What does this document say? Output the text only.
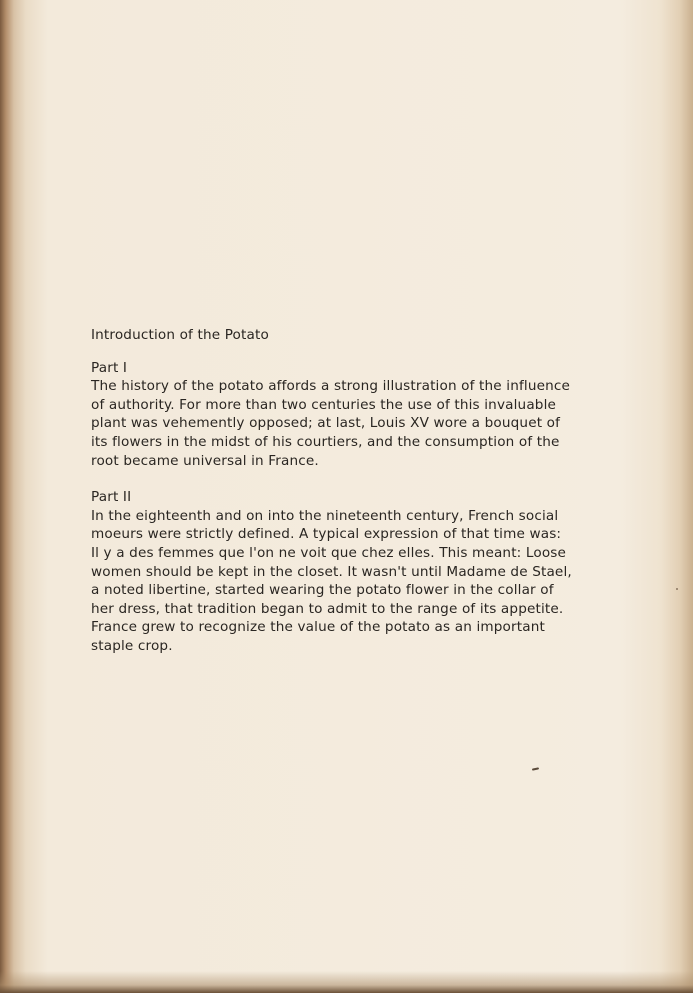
Introduction of the Potato

Part I

The history of the potato affords a strong illustration of the influence
of authority. For more than two centuries the use of this invaluable
plant was vehemently opposed; at last, Louis XV wore a bouquet of
its flowers in the midst of his courtiers, and the consumption of the
root became universal in France.

Part II

In the eighteenth and on into the nineteenth century, French social
moeurs were strictly defined. A typical expression of that time was:
Il y a des femmes que l'on ne voit que chez elles. This meant: Loose
women should be kept in the closet. It wasn't until Madame de Stael,
a noted libertine, started wearing the potato flower in the collar of
her dress, that tradition began to admit to the range of its appetite.
France grew to recognize the value of the potato as an important
staple crop.
